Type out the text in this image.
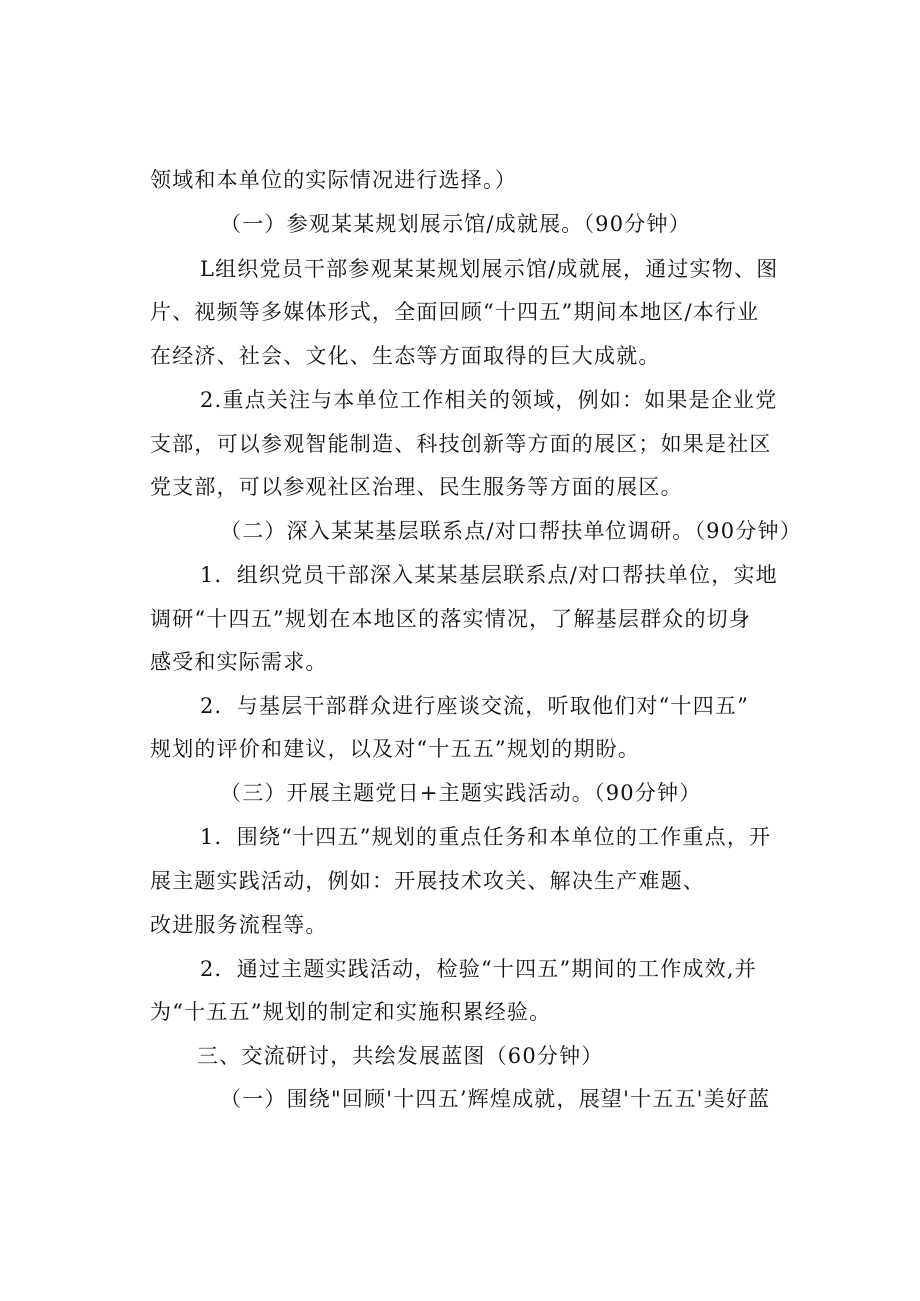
领域和本单位的实际情况进行选择。）
（一）参观某某规划展示馆/成就展。（90分钟）
L组织党员干部参观某某规划展示馆/成就展，通过实物、图
片、视频等多媒体形式，全面回顾“十四五”期间本地区/本行业
在经济、社会、文化、生态等方面取得的巨大成就。
2.重点关注与本单位工作相关的领域，例如：如果是企业党
支部，可以参观智能制造、科技创新等方面的展区；如果是社区
党支部，可以参观社区治理、民生服务等方面的展区。
（二）深入某某基层联系点/对口帮扶单位调研。（90分钟）
1．组织党员干部深入某某基层联系点/对口帮扶单位，实地
调研“十四五”规划在本地区的落实情况，了解基层群众的切身
感受和实际需求。
2．与基层干部群众进行座谈交流，听取他们对“十四五”
规划的评价和建议，以及对“十五五”规划的期盼。
（三）开展主题党日+主题实践活动。（90分钟）
1．围绕“十四五”规划的重点任务和本单位的工作重点，开
展主题实践活动，例如：开展技术攻关、解决生产难题、
改进服务流程等。
2．通过主题实践活动，检验“十四五”期间的工作成效,并
为“十五五”规划的制定和实施积累经验。
三、交流研讨，共绘发展蓝图（60分钟）
（一）围绕"回顾'十四五’辉煌成就，展望'十五五'美好蓝
